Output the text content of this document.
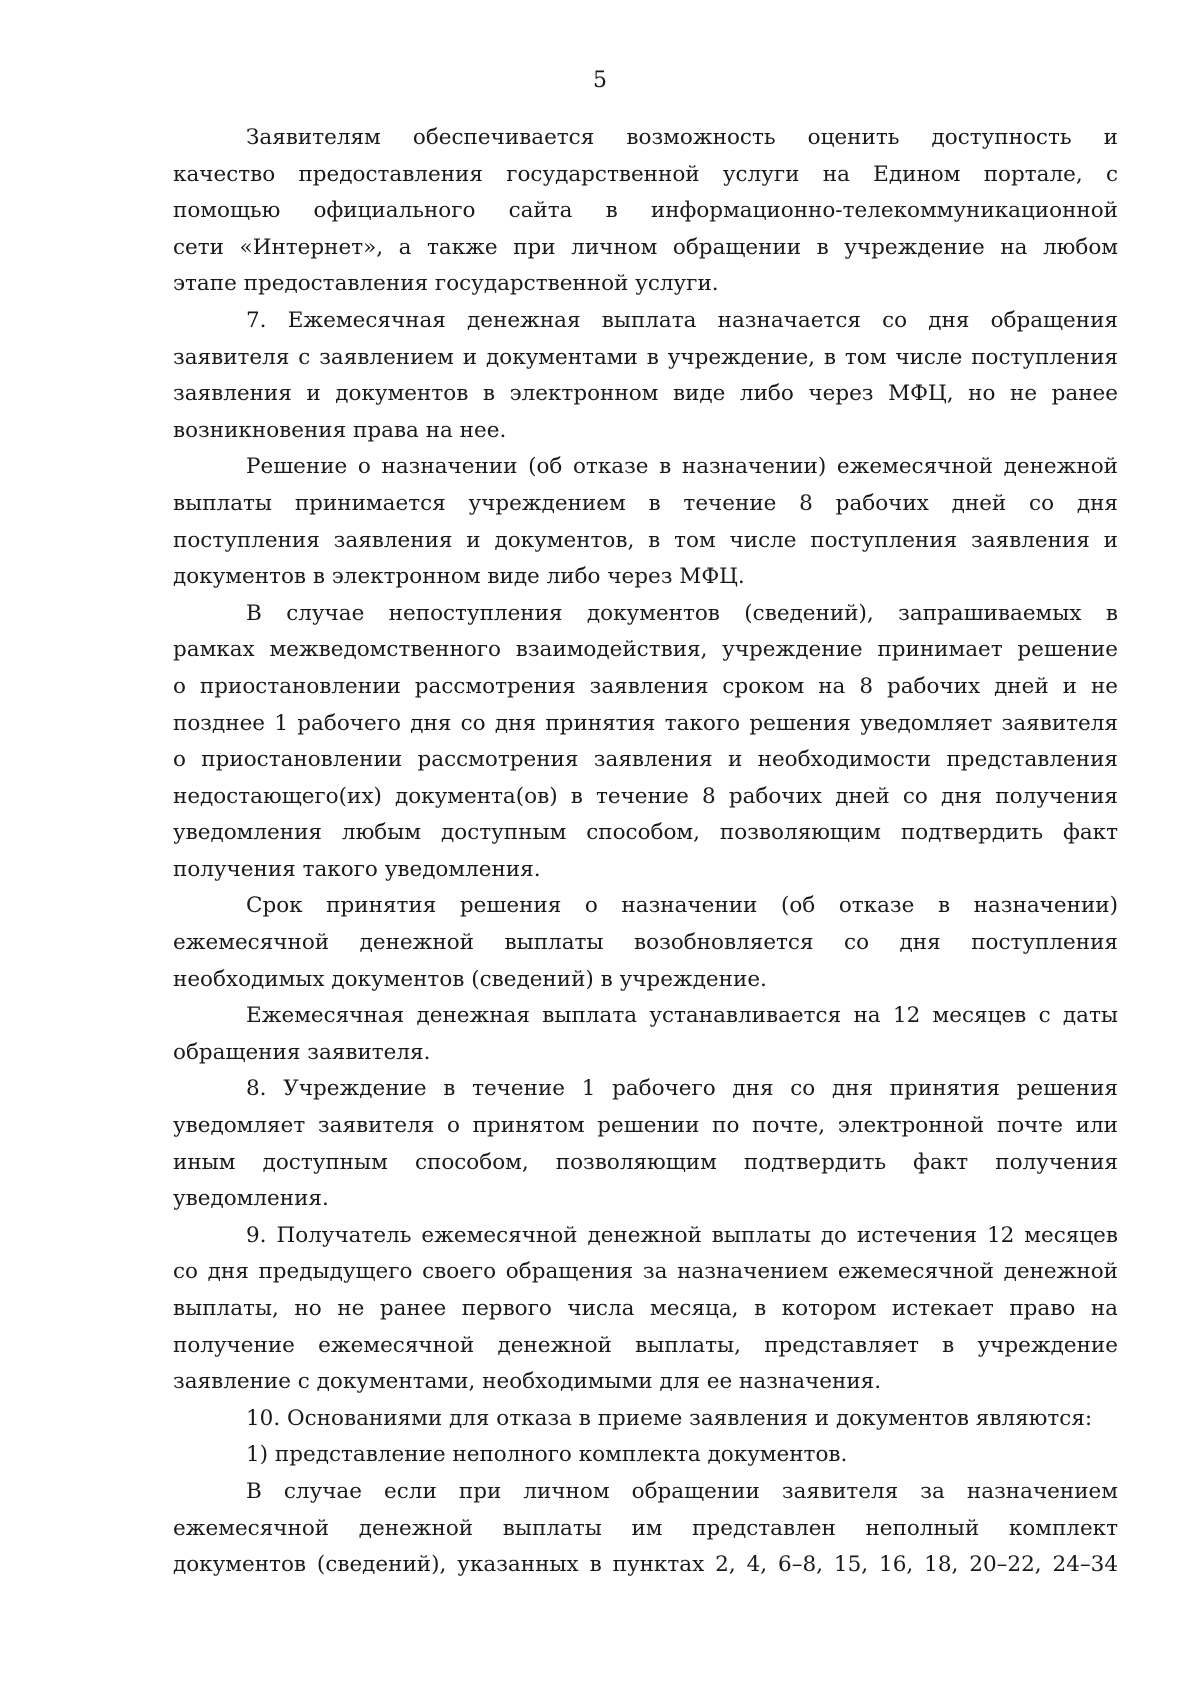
5
Заявителям обеспечивается возможность оценить доступность и
качество предоставления государственной услуги на Едином портале, с
помощью официального сайта в информационно-телекоммуникационной
сети «Интернет», а также при личном обращении в учреждение на любом
этапе предоставления государственной услуги.
7. Ежемесячная денежная выплата назначается со дня обращения
заявителя с заявлением и документами в учреждение, в том числе поступления
заявления и документов в электронном виде либо через МФЦ, но не ранее
возникновения права на нее.
Решение о назначении (об отказе в назначении) ежемесячной денежной
выплаты принимается учреждением в течение 8 рабочих дней со дня
поступления заявления и документов, в том числе поступления заявления и
документов в электронном виде либо через МФЦ.
В случае непоступления документов (сведений), запрашиваемых в
рамках межведомственного взаимодействия, учреждение принимает решение
о приостановлении рассмотрения заявления сроком на 8 рабочих дней и не
позднее 1 рабочего дня со дня принятия такого решения уведомляет заявителя
о приостановлении рассмотрения заявления и необходимости представления
недостающего(их) документа(ов) в течение 8 рабочих дней со дня получения
уведомления любым доступным способом, позволяющим подтвердить факт
получения такого уведомления.
Срок принятия решения о назначении (об отказе в назначении)
ежемесячной денежной выплаты возобновляется со дня поступления
необходимых документов (сведений) в учреждение.
Ежемесячная денежная выплата устанавливается на 12 месяцев с даты
обращения заявителя.
8. Учреждение в течение 1 рабочего дня со дня принятия решения
уведомляет заявителя о принятом решении по почте, электронной почте или
иным доступным способом, позволяющим подтвердить факт получения
уведомления.
9. Получатель ежемесячной денежной выплаты до истечения 12 месяцев
со дня предыдущего своего обращения за назначением ежемесячной денежной
выплаты, но не ранее первого числа месяца, в котором истекает право на
получение ежемесячной денежной выплаты, представляет в учреждение
заявление с документами, необходимыми для ее назначения.
10. Основаниями для отказа в приеме заявления и документов являются:
1) представление неполного комплекта документов.
В случае если при личном обращении заявителя за назначением
ежемесячной денежной выплаты им представлен неполный комплект
документов (сведений), указанных в пунктах 2, 4, 6–8, 15, 16, 18, 20–22, 24–34
